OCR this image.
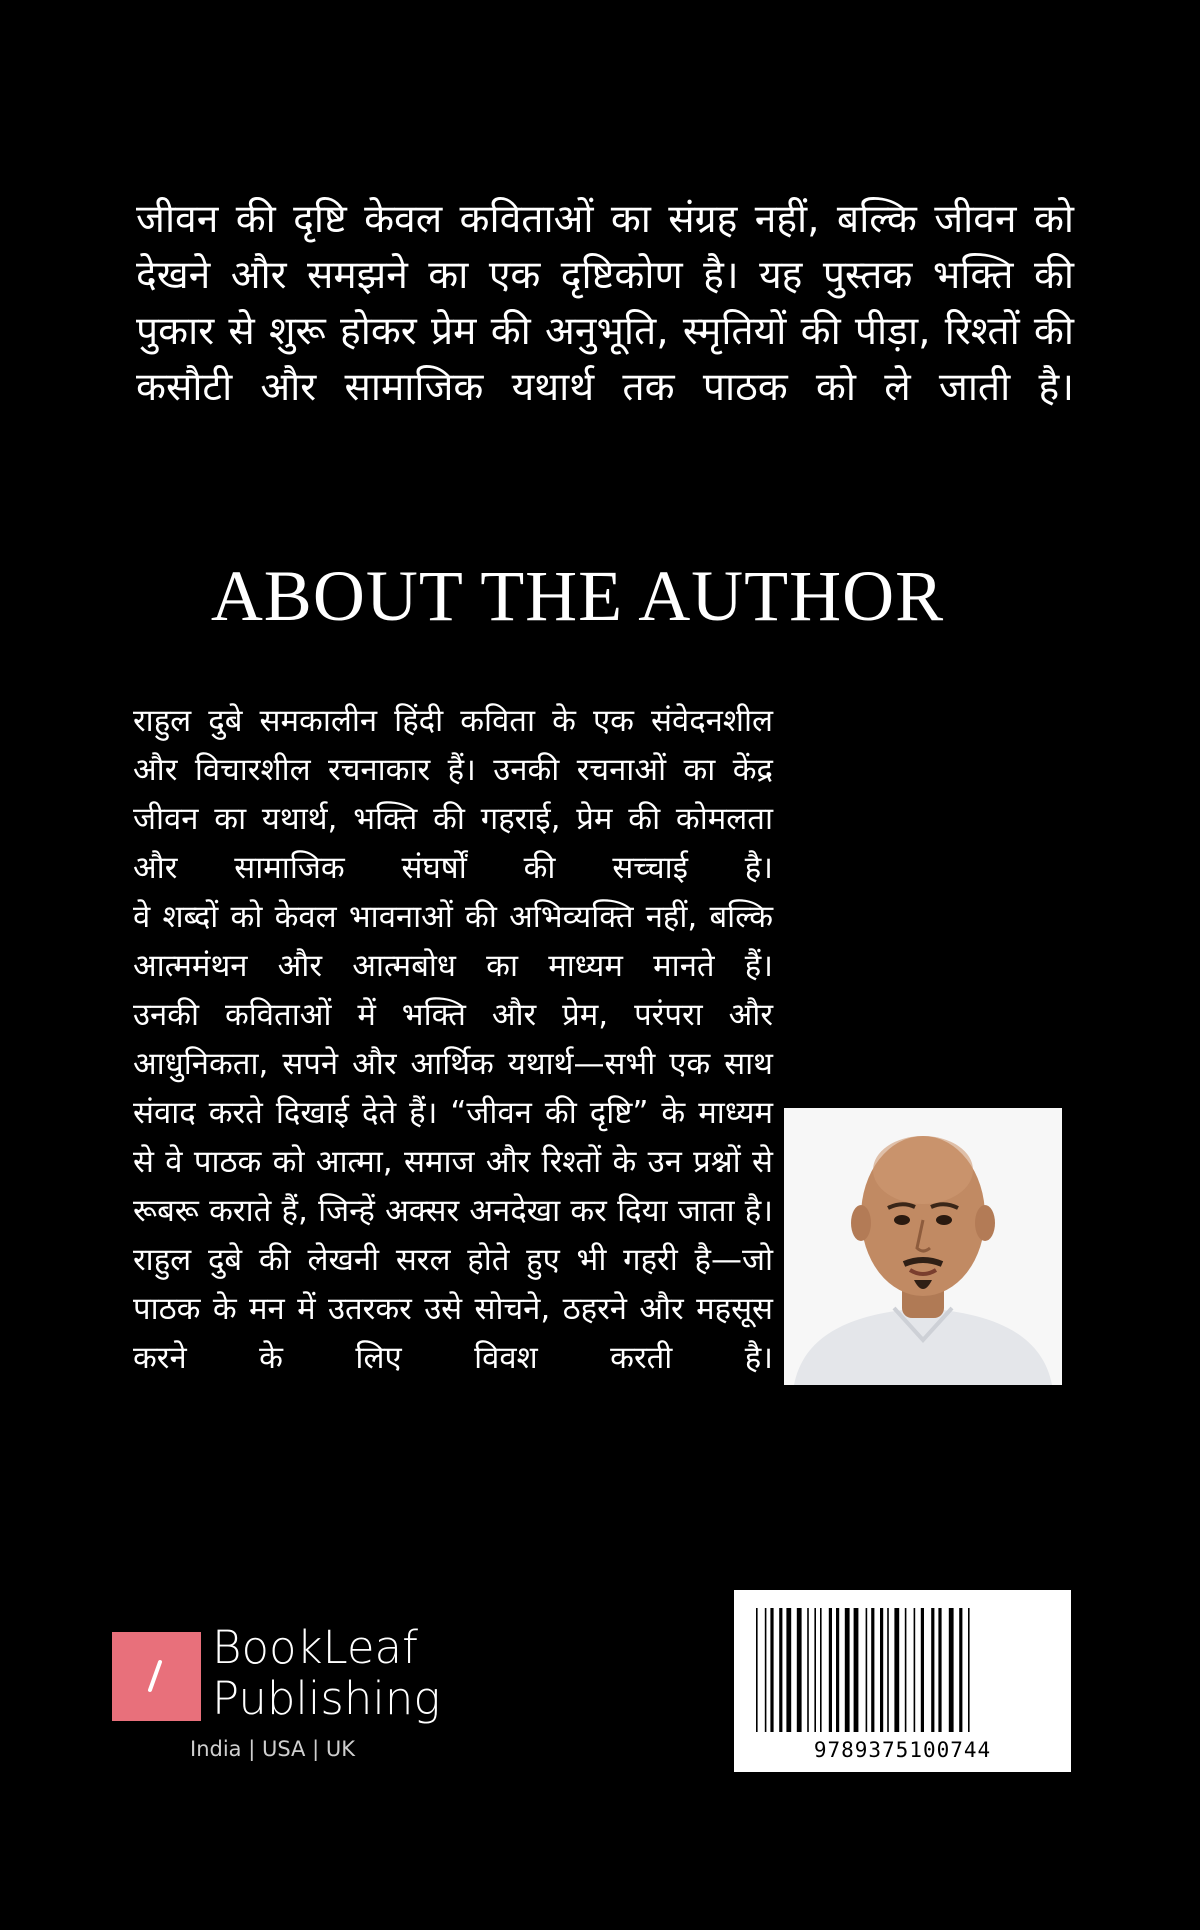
जीवन की दृष्टि केवल कविताओं का संग्रह नहीं, बल्कि जीवन को देखने और समझने का एक दृष्टिकोण है। यह पुस्तक भक्ति की पुकार से शुरू होकर प्रेम की अनुभूति, स्मृतियों की पीड़ा, रिश्तों की कसौटी और सामाजिक यथार्थ तक पाठक को ले जाती है।
ABOUT THE AUTHOR

राहुल दुबे समकालीन हिंदी कविता के एक संवेदनशील और विचारशील रचनाकार हैं। उनकी रचनाओं का केंद्र जीवन का यथार्थ, भक्ति की गहराई, प्रेम की कोमलता और सामाजिक संघर्षों की सच्चाई है।

वे शब्दों को केवल भावनाओं की अभिव्यक्ति नहीं, बल्कि आत्ममंथन और आत्मबोध का माध्यम मानते हैं।

उनकी कविताओं में भक्ति और प्रेम, परंपरा और आधुनिकता, सपने और आर्थिक यथार्थ—सभी एक साथ संवाद करते दिखाई देते हैं। “जीवन की दृष्टि” के माध्यम से वे पाठक को आत्मा, समाज और रिश्तों के उन प्रश्नों से रूबरू कराते हैं, जिन्हें अक्सर अनदेखा कर दिया जाता है।

राहुल दुबे की लेखनी सरल होते हुए भी गहरी है—जो पाठक के मन में उतरकर उसे सोचने, ठहरने और महसूस करने के लिए विवश करती है।

BookLeaf
Publishing
India | USA | UK	9789375100744
